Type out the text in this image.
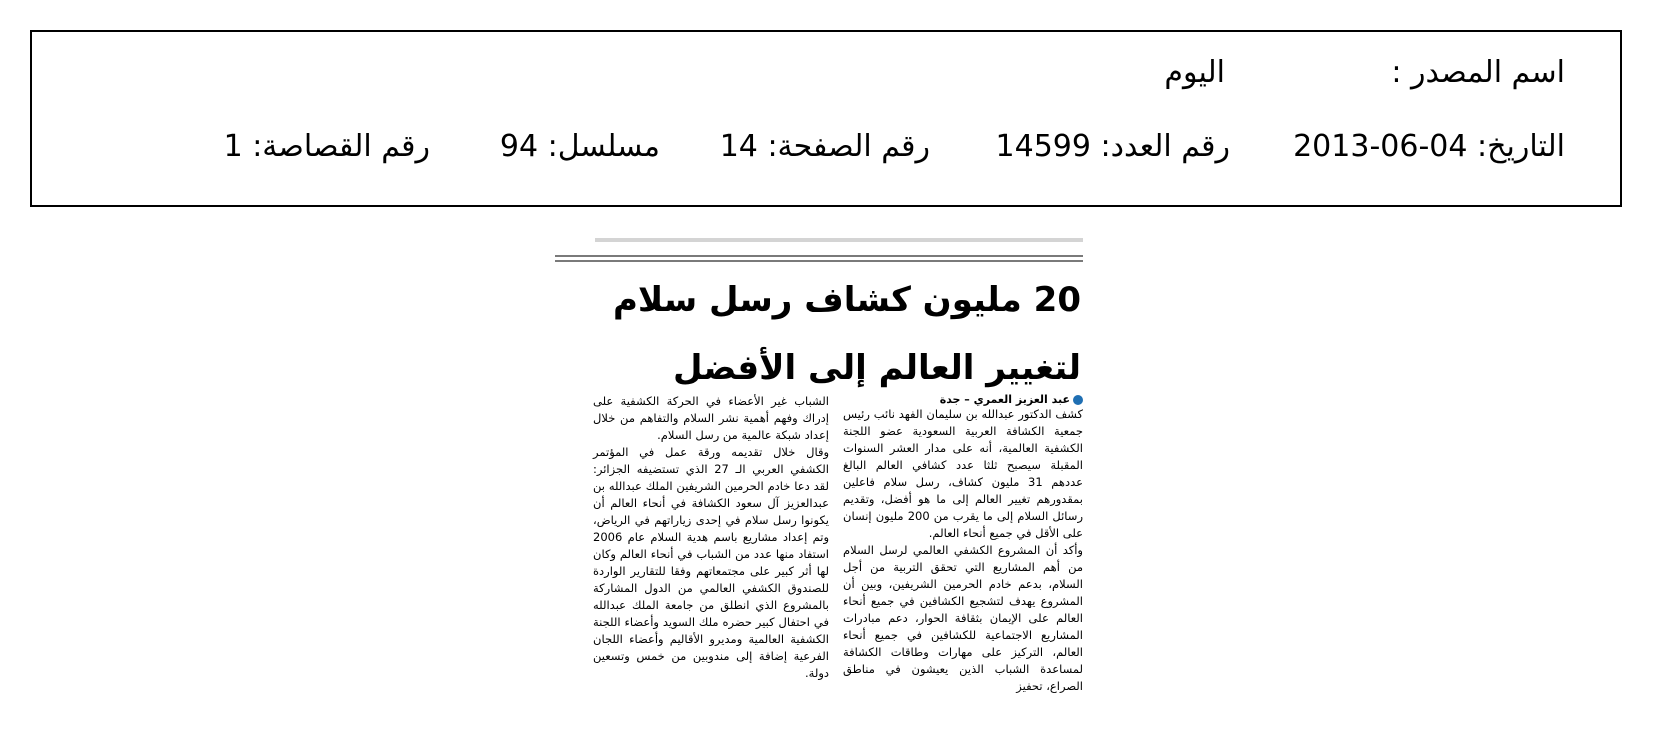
اسم المصدر :
اليوم
التاريخ: 04-06-2013
رقم العدد: 14599
رقم الصفحة: 14
مسلسل: 94
رقم القصاصة: 1
20 مليون كشاف رسل سلام لتغيير العالم إلى الأفضل
عبد العزيز العمري – جدة

كشف الدكتور عبدالله بن سليمان الفهد نائب رئيس جمعية الكشافة العربية السعودية عضو اللجنة الكشفية العالمية، أنه على مدار العشر السنوات المقبلة سيصبح ثلثا عدد كشافي العالم البالغ عددهم 31 مليون كشاف، رسل سلام فاعلين بمقدورهم تغيير العالم إلى ما هو أفضل، وتقديم رسائل السلام إلى ما يقرب من 200 مليون إنسان على الأقل في جميع أنحاء العالم.

وأكد أن المشروع الكشفي العالمي لرسل السلام من أهم المشاريع التي تحقق التربية من أجل السلام، بدعم خادم الحرمين الشريفين، وبين أن المشروع يهدف لتشجيع الكشافين في جميع أنحاء العالم على الإيمان بثقافة الحوار، دعم مبادرات المشاريع الاجتماعية للكشافين في جميع أنحاء العالم، التركيز على مهارات وطاقات الكشافة لمساعدة الشباب الذين يعيشون في مناطق الصراع، تحفيز

الشباب غير الأعضاء في الحركة الكشفية على إدراك وفهم أهمية نشر السلام والتفاهم من خلال إعداد شبكة عالمية من رسل السلام.

وقال خلال تقديمه ورقة عمل في المؤتمر الكشفي العربي الـ 27 الذي تستضيفه الجزائر: لقد دعا خادم الحرمين الشريفين الملك عبدالله بن عبدالعزيز آل سعود الكشافة في أنحاء العالم أن يكونوا رسل سلام في إحدى زياراتهم في الرياض، وتم إعداد مشاريع باسم هدية السلام عام 2006 استفاد منها عدد من الشباب في أنحاء العالم وكان لها أثر كبير على مجتمعاتهم وفقا للتقارير الواردة للصندوق الكشفي العالمي من الدول المشاركة بالمشروع الذي انطلق من جامعة الملك عبدالله في احتفال كبير حضره ملك السويد وأعضاء اللجنة الكشفية العالمية ومديرو الأقاليم وأعضاء اللجان الفرعية إضافة إلى مندوبين من خمس وتسعين دولة.
